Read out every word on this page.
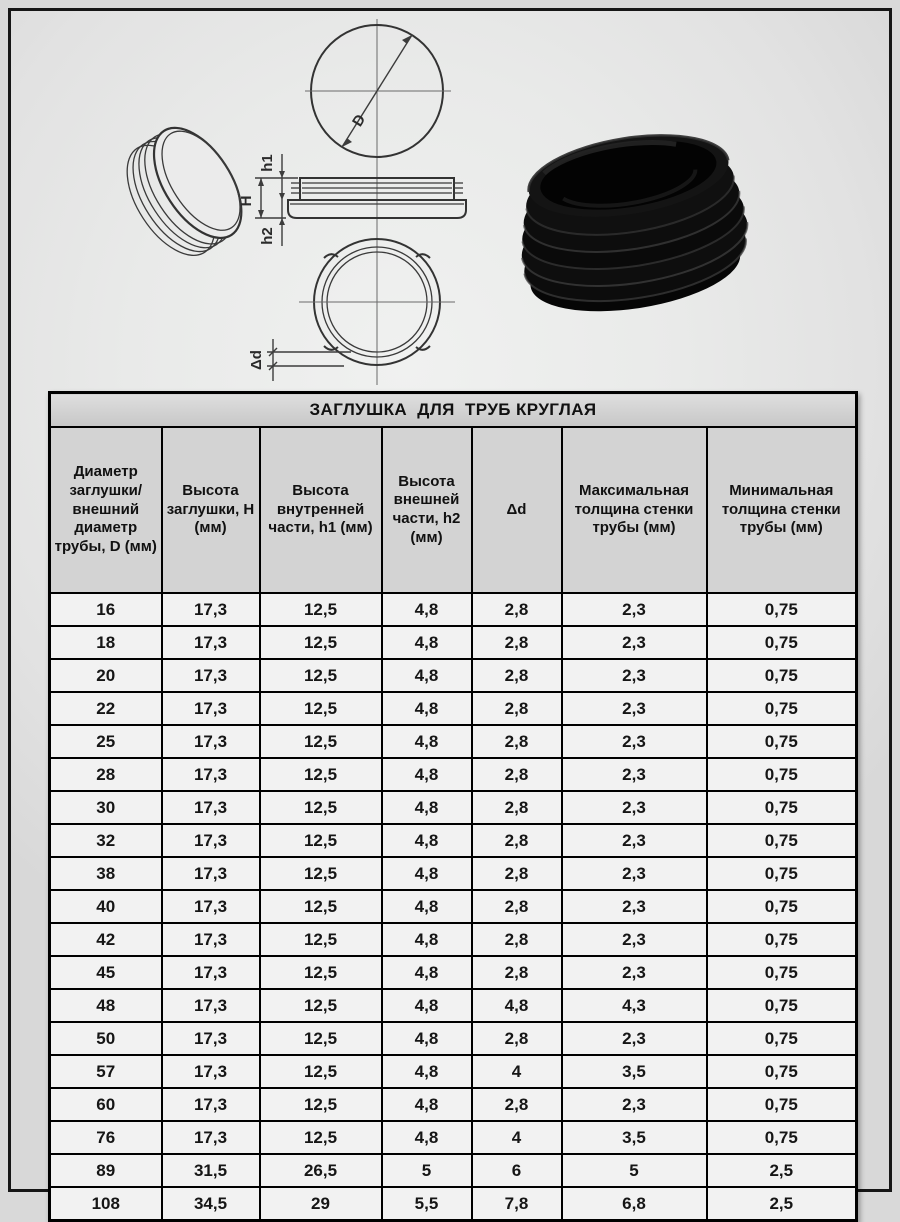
D
H
h1
h2
Δd
ЗАГЛУШКА  ДЛЯ  ТРУБ КРУГЛАЯ						
Диаметр заглушки/ внешний диаметр трубы, D (мм)	Высота заглушки, H (мм)	Высота внутренней части, h1 (мм)	Высота внешней части, h2 (мм)	Δd	Максимальная толщина стенки трубы (мм)	Минимальная толщина стенки трубы (мм)
16	17,3	12,5	4,8	2,8	2,3	0,75
18	17,3	12,5	4,8	2,8	2,3	0,75
20	17,3	12,5	4,8	2,8	2,3	0,75
22	17,3	12,5	4,8	2,8	2,3	0,75
25	17,3	12,5	4,8	2,8	2,3	0,75
28	17,3	12,5	4,8	2,8	2,3	0,75
30	17,3	12,5	4,8	2,8	2,3	0,75
32	17,3	12,5	4,8	2,8	2,3	0,75
38	17,3	12,5	4,8	2,8	2,3	0,75
40	17,3	12,5	4,8	2,8	2,3	0,75
42	17,3	12,5	4,8	2,8	2,3	0,75
45	17,3	12,5	4,8	2,8	2,3	0,75
48	17,3	12,5	4,8	4,8	4,3	0,75
50	17,3	12,5	4,8	2,8	2,3	0,75
57	17,3	12,5	4,8	4	3,5	0,75
60	17,3	12,5	4,8	2,8	2,3	0,75
76	17,3	12,5	4,8	4	3,5	0,75
89	31,5	26,5	5	6	5	2,5
108	34,5	29	5,5	7,8	6,8	2,5
